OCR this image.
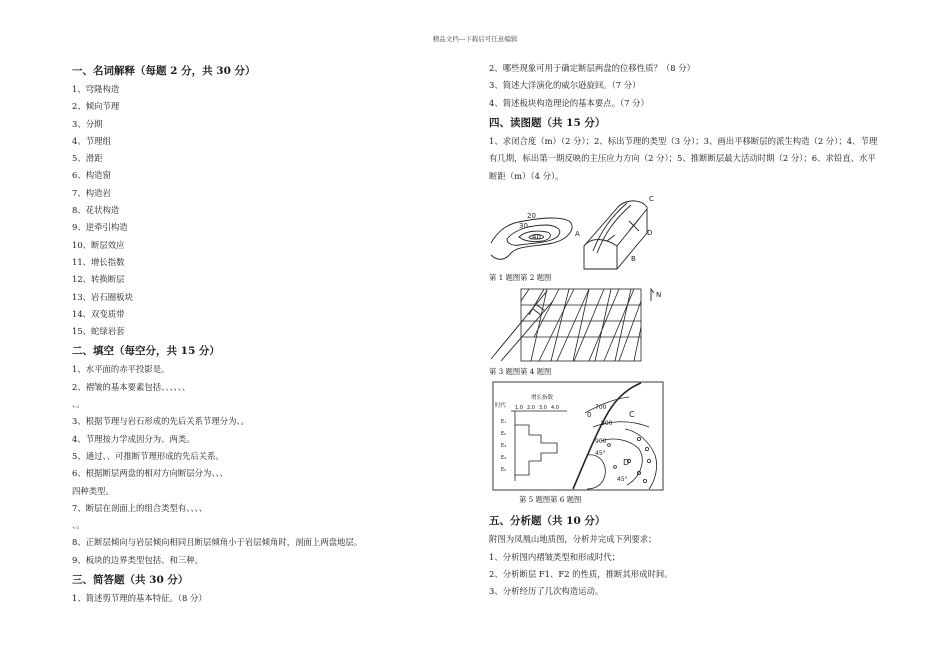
精品文档---下载后可任意编辑
一、名词解释（每题 2 分，共 30 分）
1、穹隆构造
2、倾向节理
3、分期
4、节理组
5、滑距
6、构造窗
7、构造岩
8、花状构造
9、逆牵引构造
10、断层效应
11、增长指数
12、转换断层
13、岩石圈板块
14、双变质带
15、蛇绿岩套
二、填空（每空分，共 15 分）
1、水平面的赤平投影是。
2、褶皱的基本要素包括、、、、、、
、。
3、根据节理与岩石形成的先后关系节理分为、。
4、节理按力学成因分为、两类。
5、通过、、可推断节理形成的先后关系。
6、根据断层两盘的相对方向断层分为、、、
四种类型。
7、断层在剖面上的组合类型有、、、、
、。
8、正断层倾向与岩层倾向相同且断层倾角小于岩层倾角时，剖面上两盘地层。
9、板块的边界类型包括、和三种。
三、简答题（共 30 分）
1、简述剪节理的基本特征。（8 分）
2、哪些现象可用于确定断层两盘的位移性质？（8 分）
3、简述大洋演化的威尔逊旋回。（7 分）
4、简述板块构造理论的基本要点。（7 分）
四、读图题（共 15 分）
1、求闭合度（m）（2 分）；2、标出节理的类型（3 分）；3、画出平移断层的派生构造（2 分）；4、节理有几期，标出第一期反映的主压应力方向（2 分）；5、推断断层最大活动时期（2 分）；6、求铅直、水平断距（m）（4 分）。
20
30
40	A
B
C
D
第 1 题图第 2 题图
N
第 3 题图第 4 题图
增长指数
1.0 2.0 3.0 4.0
时代
E₁
E₂
E₃
E₄
E₅
700
800
900
45°
45°
C
D
0
第 5 题图第 6 题图
五、分析题（共 10 分）
附图为凤凰山地质图，分析并完成下列要求；
1、分析图内褶皱类型和形成时代；
2、分析断层 F1、F2 的性质，推断其形成时间。
3、分析经历了几次构造运动。
